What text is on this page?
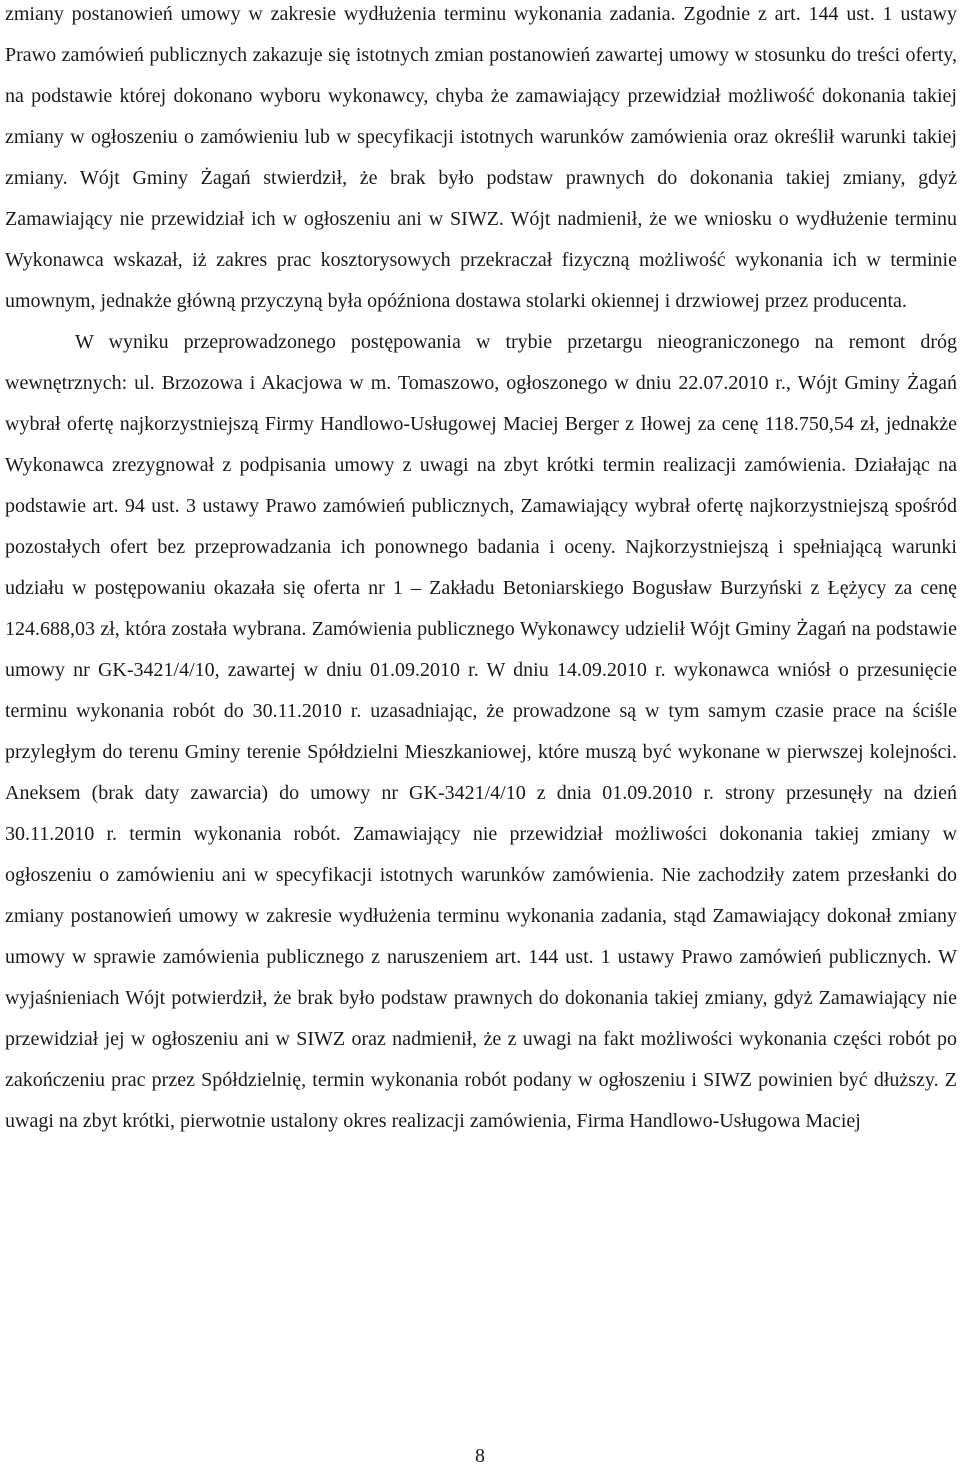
zmiany postanowień umowy w zakresie wydłużenia terminu wykonania zadania. Zgodnie z art. 144 ust. 1 ustawy Prawo zamówień publicznych zakazuje się istotnych zmian postanowień zawartej umowy w stosunku do treści oferty, na podstawie której dokonano wyboru wykonawcy, chyba że zamawiający przewidział możliwość dokonania takiej zmiany w ogłoszeniu o zamówieniu lub w specyfikacji istotnych warunków zamówienia oraz określił warunki takiej zmiany. Wójt Gminy Żagań stwierdził, że brak było podstaw prawnych do dokonania takiej zmiany, gdyż Zamawiający nie przewidział ich w ogłoszeniu ani w SIWZ. Wójt nadmienił, że we wniosku o wydłużenie terminu Wykonawca wskazał, iż zakres prac kosztorysowych przekraczał fizyczną możliwość wykonania ich w terminie umownym, jednakże główną przyczyną była opóźniona dostawa stolarki okiennej i drzwiowej przez producenta.

W wyniku przeprowadzonego postępowania w trybie przetargu nieograniczonego na remont dróg wewnętrznych: ul. Brzozowa i Akacjowa w m. Tomaszowo, ogłoszonego w dniu 22.07.2010 r., Wójt Gminy Żagań wybrał ofertę najkorzystniejszą Firmy Handlowo-Usługowej Maciej Berger z Iłowej za cenę 118.750,54 zł, jednakże Wykonawca zrezygnował z podpisania umowy z uwagi na zbyt krótki termin realizacji zamówienia. Działając na podstawie art. 94 ust. 3 ustawy Prawo zamówień publicznych, Zamawiający wybrał ofertę najkorzystniejszą spośród pozostałych ofert bez przeprowadzania ich ponownego badania i oceny. Najkorzystniejszą i spełniającą warunki udziału w postępowaniu okazała się oferta nr 1 – Zakładu Betoniarskiego Bogusław Burzyński z Łężycy za cenę 124.688,03 zł, która została wybrana. Zamówienia publicznego Wykonawcy udzielił Wójt Gminy Żagań na podstawie umowy nr GK-3421/4/10, zawartej w dniu 01.09.2010 r. W dniu 14.09.2010 r. wykonawca wniósł o przesunięcie terminu wykonania robót do 30.11.2010 r. uzasadniając, że prowadzone są w tym samym czasie prace na ściśle przyległym do terenu Gminy terenie Spółdzielni Mieszkaniowej, które muszą być wykonane w pierwszej kolejności. Aneksem (brak daty zawarcia) do umowy nr GK-3421/4/10 z dnia 01.09.2010 r. strony przesunęły na dzień 30.11.2010 r. termin wykonania robót. Zamawiający nie przewidział możliwości dokonania takiej zmiany w ogłoszeniu o zamówieniu ani w specyfikacji istotnych warunków zamówienia. Nie zachodziły zatem przesłanki do zmiany postanowień umowy w zakresie wydłużenia terminu wykonania zadania, stąd Zamawiający dokonał zmiany umowy w sprawie zamówienia publicznego z naruszeniem art. 144 ust. 1 ustawy Prawo zamówień publicznych. W wyjaśnieniach Wójt potwierdził, że brak było podstaw prawnych do dokonania takiej zmiany, gdyż Zamawiający nie przewidział jej w ogłoszeniu ani w SIWZ oraz nadmienił, że z uwagi na fakt możliwości wykonania części robót po zakończeniu prac przez Spółdzielnię, termin wykonania robót podany w ogłoszeniu i SIWZ powinien być dłuższy. Z uwagi na zbyt krótki, pierwotnie ustalony okres realizacji zamówienia, Firma Handlowo-Usługowa Maciej

8
